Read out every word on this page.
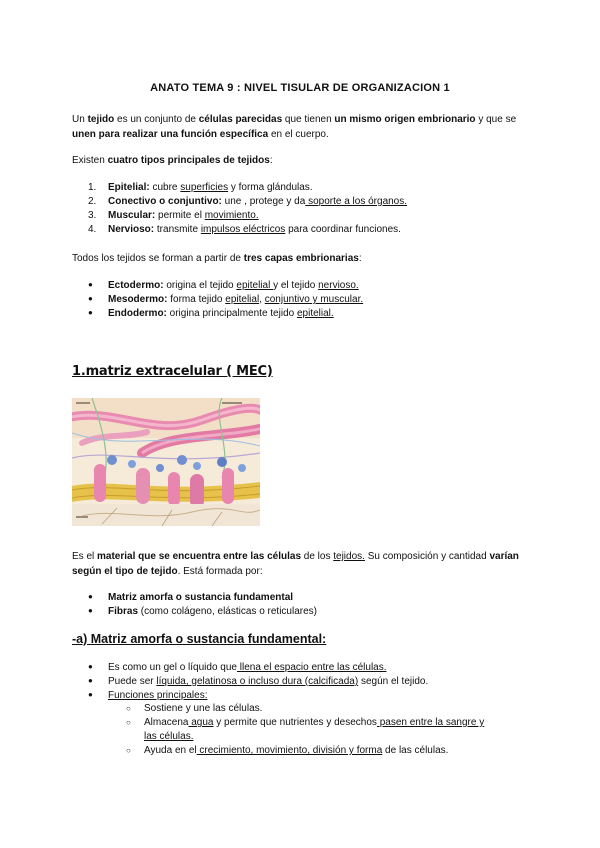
ANATO TEMA 9 : NIVEL TISULAR DE ORGANIZACION 1
Un tejido es un conjunto de células parecidas que tienen un mismo origen embrionario y que se unen para realizar una función específica en el cuerpo.
Existen cuatro tipos principales de tejidos:
1. Epitelial: cubre superficies y forma glándulas.
2. Conectivo o conjuntivo: une , protege y da soporte a los órganos.
3. Muscular: permite el movimiento.
4. Nervioso: transmite impulsos eléctricos para coordinar funciones.
Todos los tejidos se forman a partir de tres capas embrionarias:
● Ectodermo: origina el tejido epitelial y el tejido nervioso.
● Mesodermo: forma tejido epitelial, conjuntivo y muscular.
● Endodermo: origina principalmente tejido epitelial.
1.matriz extracelular ( MEC)
Es el material que se encuentra entre las células de los tejidos. Su composición y cantidad varían según el tipo de tejido. Está formada por:
● Matriz amorfa o sustancia fundamental
● Fibras (como colágeno, elásticas o reticulares)
-a) Matriz amorfa o sustancia fundamental:
● Es como un gel o líquido que llena el espacio entre las células.
● Puede ser líquida, gelatinosa o incluso dura (calcificada) según el tejido.
● Funciones principales:
○ Sostiene y une las células.
○ Almacena agua y permite que nutrientes y desechos pasen entre la sangre y
las células.
○ Ayuda en el crecimiento, movimiento, división y forma de las células.
